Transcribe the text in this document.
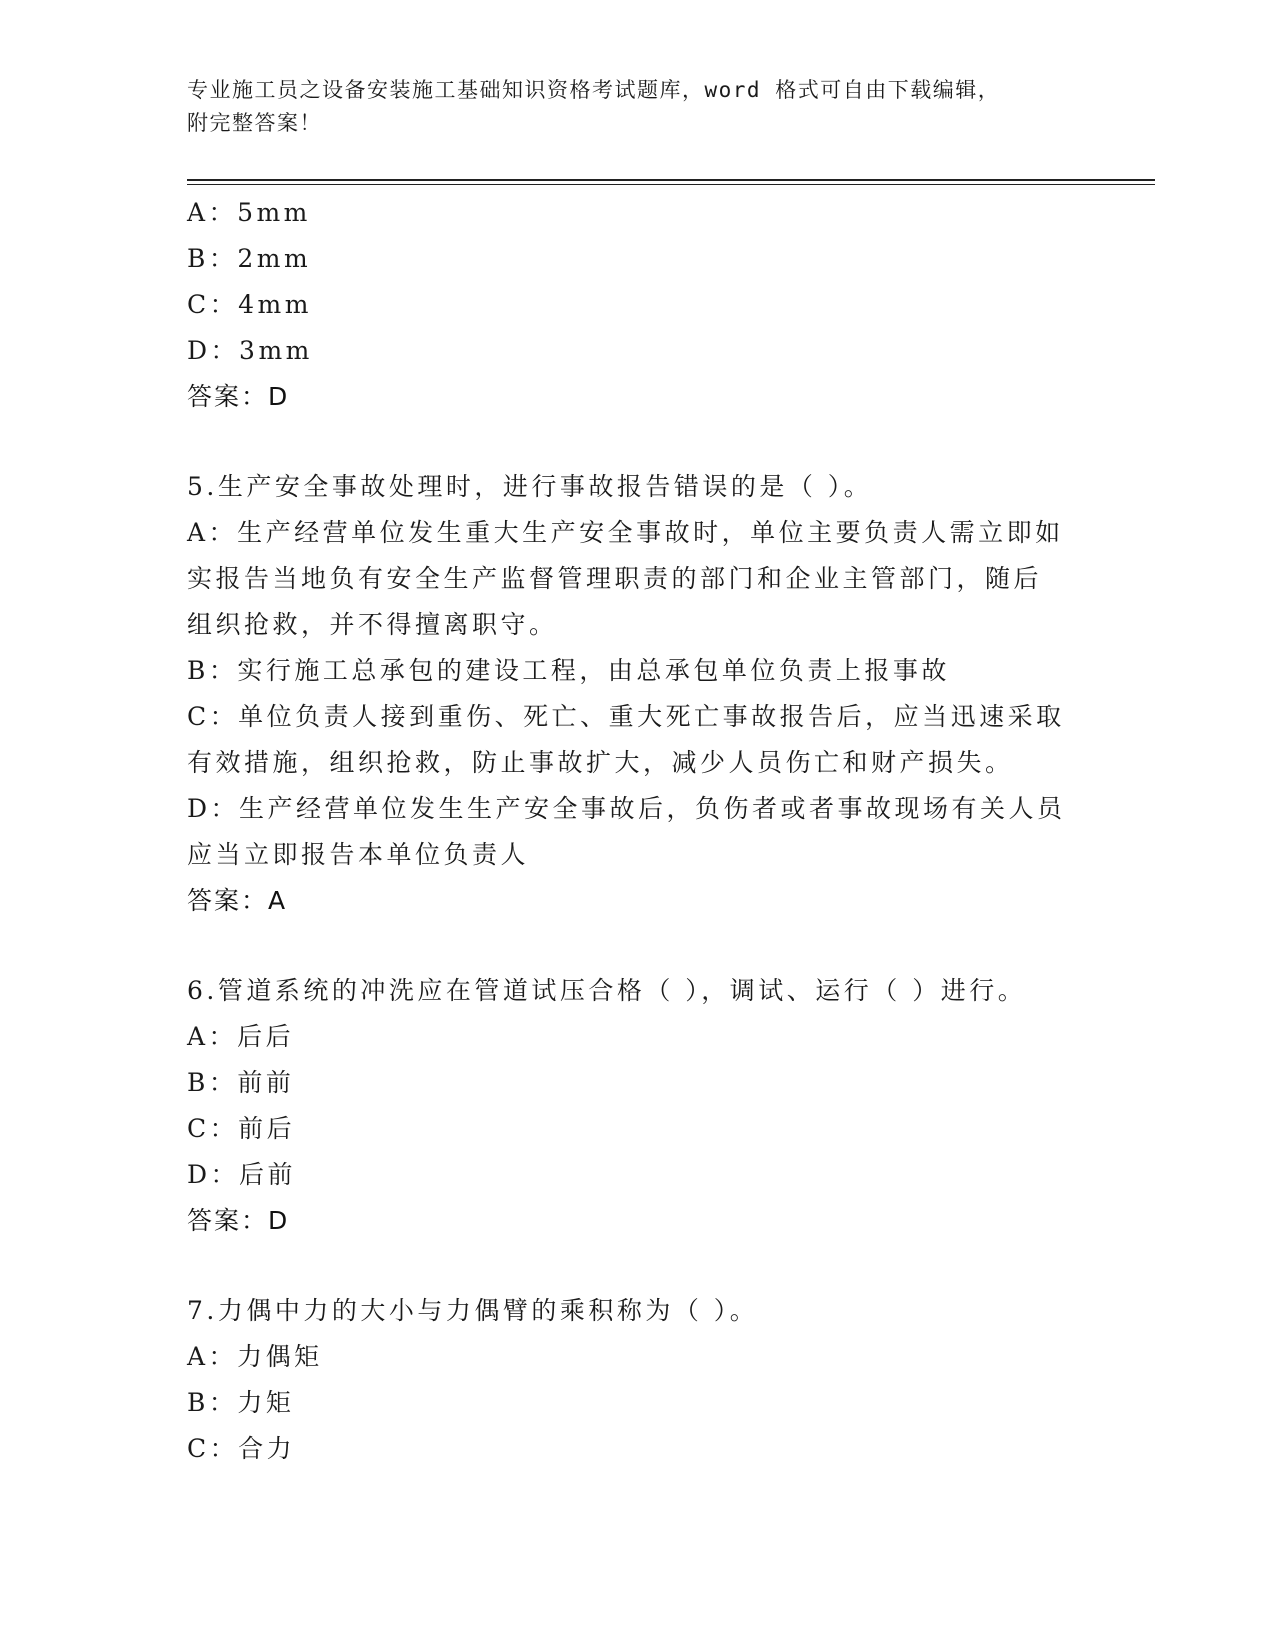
专业施工员之设备安装施工基础知识资格考试题库，word 格式可自由下载编辑，
附完整答案！
A： 5mm
B： 2mm
C： 4mm
D： 3mm
答案：D
5.生产安全事故处理时，进行事故报告错误的是（ ）。
A：生产经营单位发生重大生产安全事故时，单位主要负责人需立即如
实报告当地负有安全生产监督管理职责的部门和企业主管部门，随后
组织抢救，并不得擅离职守。
B：实行施工总承包的建设工程，由总承包单位负责上报事故
C：单位负责人接到重伤、死亡、重大死亡事故报告后，应当迅速采取
有效措施，组织抢救，防止事故扩大，减少人员伤亡和财产损失。
D：生产经营单位发生生产安全事故后，负伤者或者事故现场有关人员
应当立即报告本单位负责人
答案：A
6.管道系统的冲洗应在管道试压合格（ ），调试、运行（ ）进行。
A： 后后
B： 前前
C： 前后
D： 后前
答案：D
7.力偶中力的大小与力偶臂的乘积称为（ ）。
A： 力偶矩
B： 力矩
C： 合力
